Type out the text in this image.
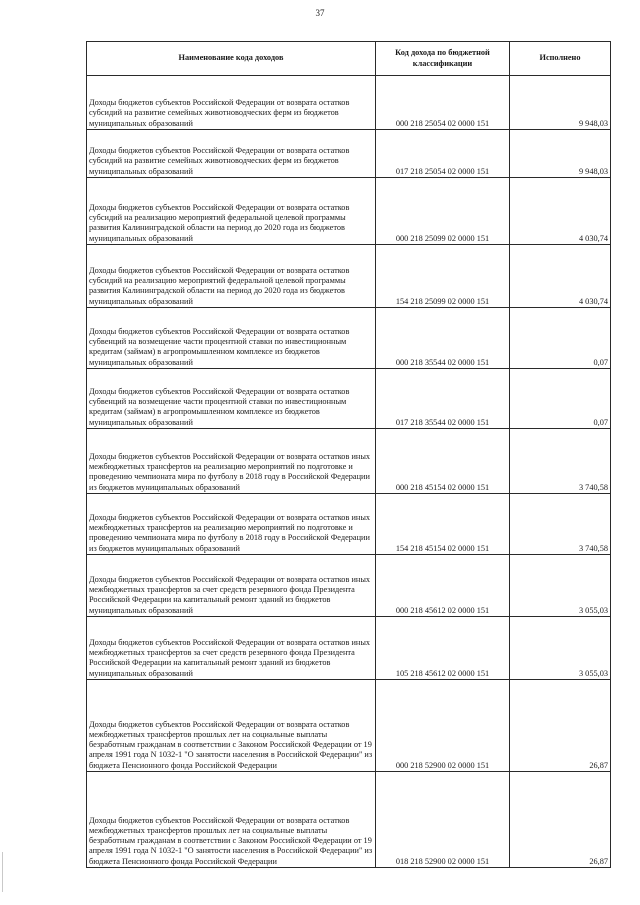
37
Наименование кода доходов	Код дохода по бюджетной классификации	Исполнено
Доходы бюджетов субъектов Российской Федерации от возврата остатков субсидий на развитие семейных животноводческих ферм из бюджетов муниципальных образований	000 218 25054 02 0000 151	9 948,03
Доходы бюджетов субъектов Российской Федерации от возврата остатков субсидий на развитие семейных животноводческих ферм из бюджетов муниципальных образований	017 218 25054 02 0000 151	9 948,03
Доходы бюджетов субъектов Российской Федерации от возврата остатков субсидий на реализацию мероприятий федеральной целевой программы развития Калининградской области на период до 2020 года из бюджетов муниципальных образований	000 218 25099 02 0000 151	4 030,74
Доходы бюджетов субъектов Российской Федерации от возврата остатков субсидий на реализацию мероприятий федеральной целевой программы развития Калининградской области на период до 2020 года из бюджетов муниципальных образований	154 218 25099 02 0000 151	4 030,74
Доходы бюджетов субъектов Российской Федерации от возврата остатков субвенций на возмещение части процентной ставки по инвестиционным кредитам (займам) в агропромышленном комплексе из бюджетов муниципальных образований	000 218 35544 02 0000 151	0,07
Доходы бюджетов субъектов Российской Федерации от возврата остатков субвенций на возмещение части процентной ставки по инвестиционным кредитам (займам) в агропромышленном комплексе из бюджетов муниципальных образований	017 218 35544 02 0000 151	0,07
Доходы бюджетов субъектов Российской Федерации от возврата остатков иных межбюджетных трансфертов на реализацию мероприятий по подготовке и проведению чемпионата мира по футболу в 2018 году в Российской Федерации из бюджетов муниципальных образований	000 218 45154 02 0000 151	3 740,58
Доходы бюджетов субъектов Российской Федерации от возврата остатков иных межбюджетных трансфертов на реализацию мероприятий по подготовке и проведению чемпионата мира по футболу в 2018 году в Российской Федерации из бюджетов муниципальных образований	154 218 45154 02 0000 151	3 740,58
Доходы бюджетов субъектов Российской Федерации от возврата остатков иных межбюджетных трансфертов за счет средств резервного фонда Президента Российской Федерации на капитальный ремонт зданий из бюджетов муниципальных образований	000 218 45612 02 0000 151	3 055,03
Доходы бюджетов субъектов Российской Федерации от возврата остатков иных межбюджетных трансфертов за счет средств резервного фонда Президента Российской Федерации на капитальный ремонт зданий из бюджетов муниципальных образований	105 218 45612 02 0000 151	3 055,03
Доходы бюджетов субъектов Российской Федерации от возврата остатков межбюджетных трансфертов прошлых лет на социальные выплаты безработным гражданам в соответствии с Законом Российской Федерации от 19 апреля 1991 года N 1032-1 "О занятости населения в Российской Федерации" из бюджета Пенсионного фонда Российской Федерации	000 218 52900 02 0000 151	26,87
Доходы бюджетов субъектов Российской Федерации от возврата остатков межбюджетных трансфертов прошлых лет на социальные выплаты безработным гражданам в соответствии с Законом Российской Федерации от 19 апреля 1991 года N 1032-1 "О занятости населения в Российской Федерации" из бюджета Пенсионного фонда Российской Федерации	018 218 52900 02 0000 151	26,87
